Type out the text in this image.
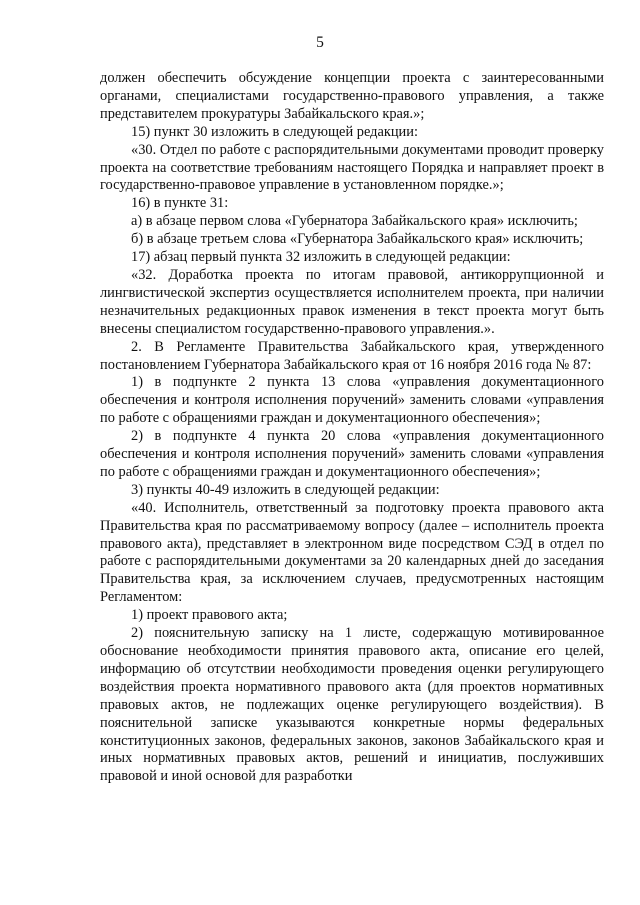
5

должен обеспечить обсуждение концепции проекта с заинтересованными органами, специалистами государственно-правового управления, а также представителем прокуратуры Забайкальского края.»;

15) пункт 30 изложить в следующей редакции:

«30. Отдел по работе с распорядительными документами проводит проверку проекта на соответствие требованиям настоящего Порядка и направляет проект в государственно-правовое управление в установленном порядке.»;

16) в пункте 31:

а) в абзаце первом слова «Губернатора Забайкальского края» исключить;

б) в абзаце третьем слова «Губернатора Забайкальского края» исключить;

17) абзац первый пункта 32 изложить в следующей редакции:

«32. Доработка проекта по итогам правовой, антикоррупционной и лингвистической экспертиз осуществляется исполнителем проекта, при наличии незначительных редакционных правок изменения в текст проекта могут быть внесены специалистом государственно-правового управления.».

2. В Регламенте Правительства Забайкальского края, утвержденного постановлением Губернатора Забайкальского края от 16 ноября 2016 года № 87:

1) в подпункте 2 пункта 13 слова «управления документационного обеспечения и контроля исполнения поручений» заменить словами «управления по работе с обращениями граждан и документационного обеспечения»;

2) в подпункте 4 пункта 20 слова «управления документационного обеспечения и контроля исполнения поручений» заменить словами «управления по работе с обращениями граждан и документационного обеспечения»;

3) пункты 40-49 изложить в следующей редакции:

«40. Исполнитель, ответственный за подготовку проекта правового акта Правительства края по рассматриваемому вопросу (далее – исполнитель проекта правового акта), представляет в электронном виде посредством СЭД в отдел по работе с распорядительными документами за 20 календарных дней до заседания Правительства края, за исключением случаев, предусмотренных настоящим Регламентом:

1) проект правового акта;

2) пояснительную записку на 1 листе, содержащую мотивированное обоснование необходимости принятия правового акта, описание его целей, информацию об отсутствии необходимости проведения оценки регулирующего воздействия проекта нормативного правового акта (для проектов нормативных правовых актов, не подлежащих оценке регулирующего воздействия). В пояснительной записке указываются конкретные нормы федеральных конституционных законов, федеральных законов, законов Забайкальского края и иных нормативных правовых актов, решений и инициатив, послуживших правовой и иной основой для разработки
